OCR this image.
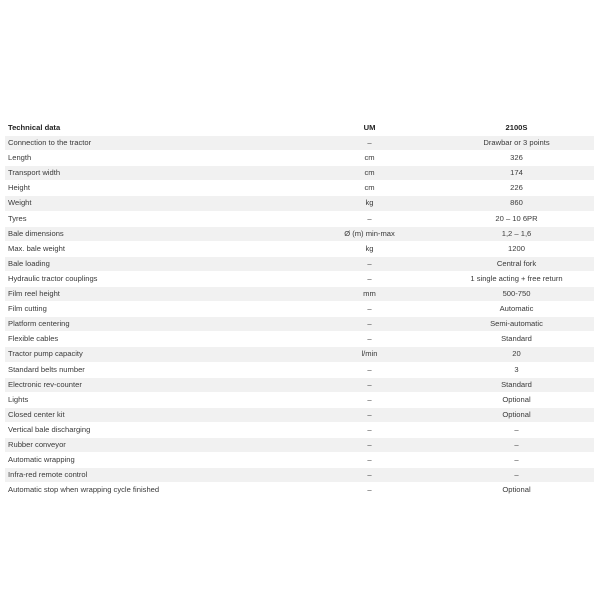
Technical data	UM	2100S
Connection to the tractor	–	Drawbar or 3 points
Length	cm	326
Transport width	cm	174
Height	cm	226
Weight	kg	860
Tyres	–	20 – 10 6PR
Bale dimensions	Ø (m) min-max	1,2 – 1,6
Max. bale weight	kg	1200
Bale loading	–	Central fork
Hydraulic tractor couplings	–	1 single acting + free return
Film reel height	mm	500-750
Film cutting	–	Automatic
Platform centering	–	Semi-automatic
Flexible cables	–	Standard
Tractor pump capacity	l/min	20
Standard belts number	–	3
Electronic rev-counter	–	Standard
Lights	–	Optional
Closed center kit	–	Optional
Vertical bale discharging	–	–
Rubber conveyor	–	–
Automatic wrapping	–	–
Infra-red remote control	–	–
Automatic stop when wrapping cycle finished	–	Optional
